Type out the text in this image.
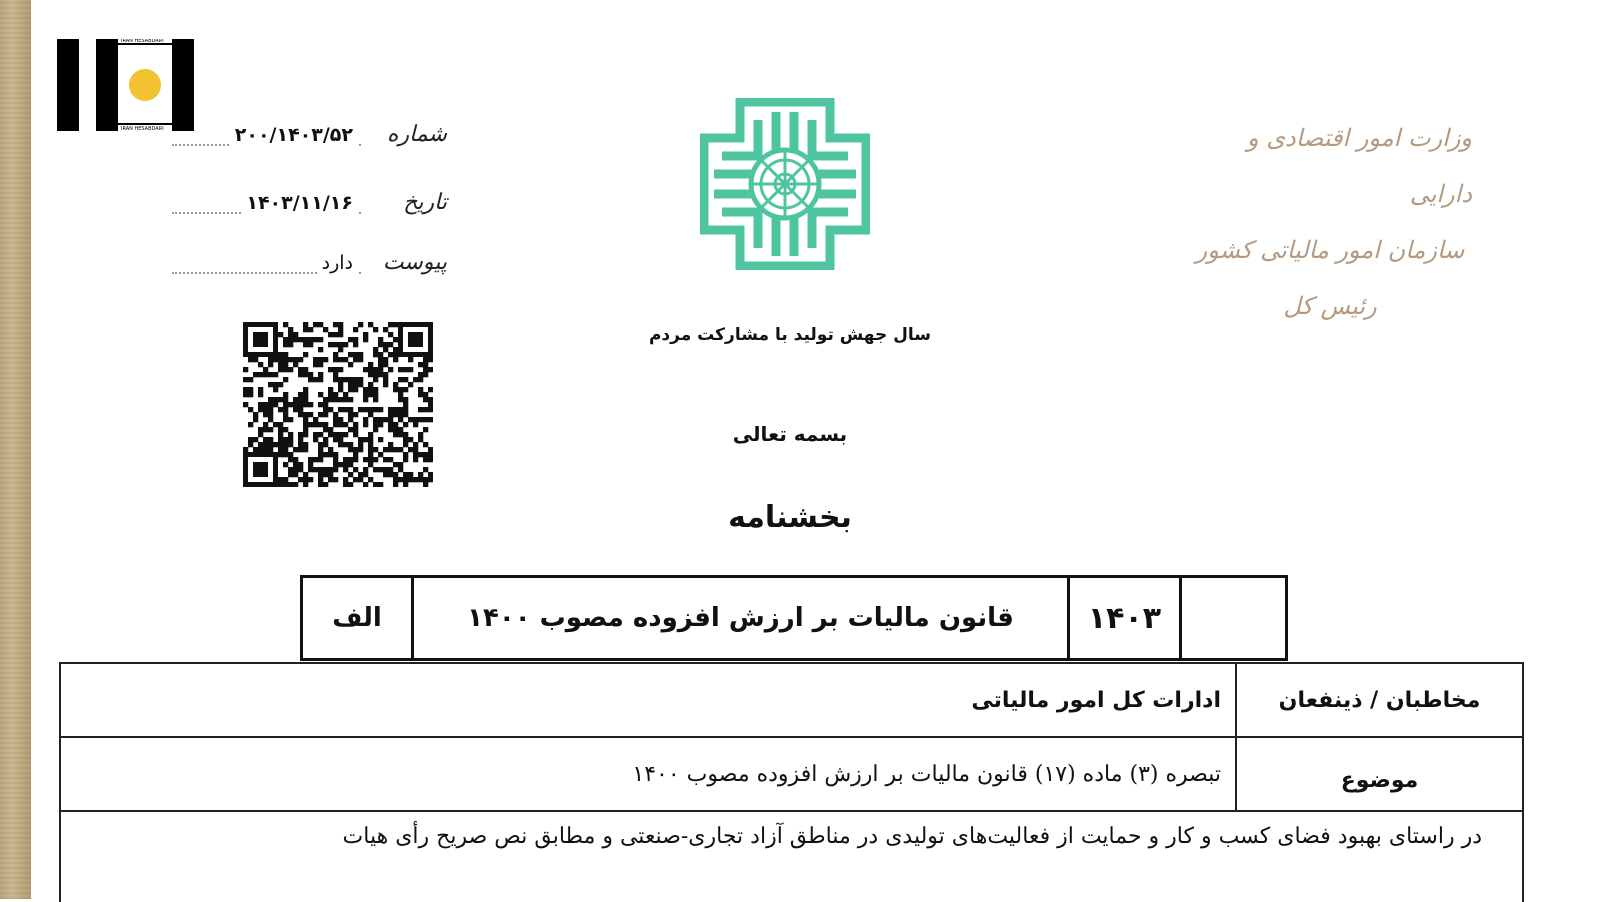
IRAN HESABDARI
IRAN HESABDARI	شماره
۲۰۰/۱۴۰۳/۵۲
تاریخ
۱۴۰۳/۱۱/۱۶
پیوست
دارد
وزارت امور اقتصادی و دارایی
سازمان امور مالیاتی کشور
رئیس کل
سال جهش تولید با مشارکت مردم
بسمه تعالی
بخشنامه
۱۴۰۳
قانون مالیات بر ارزش افزوده مصوب ۱۴۰۰
الف
مخاطبان / ذینفعان
ادارات کل امور مالیاتی
موضوع
تبصره (۳) ماده (۱۷) قانون مالیات بر ارزش افزوده مصوب ۱۴۰۰
در راستای بهبود فضای کسب و کار و حمایت از فعالیت‌های تولیدی در مناطق آزاد تجاری-صنعتی و مطابق نص صریح رأی هیات
